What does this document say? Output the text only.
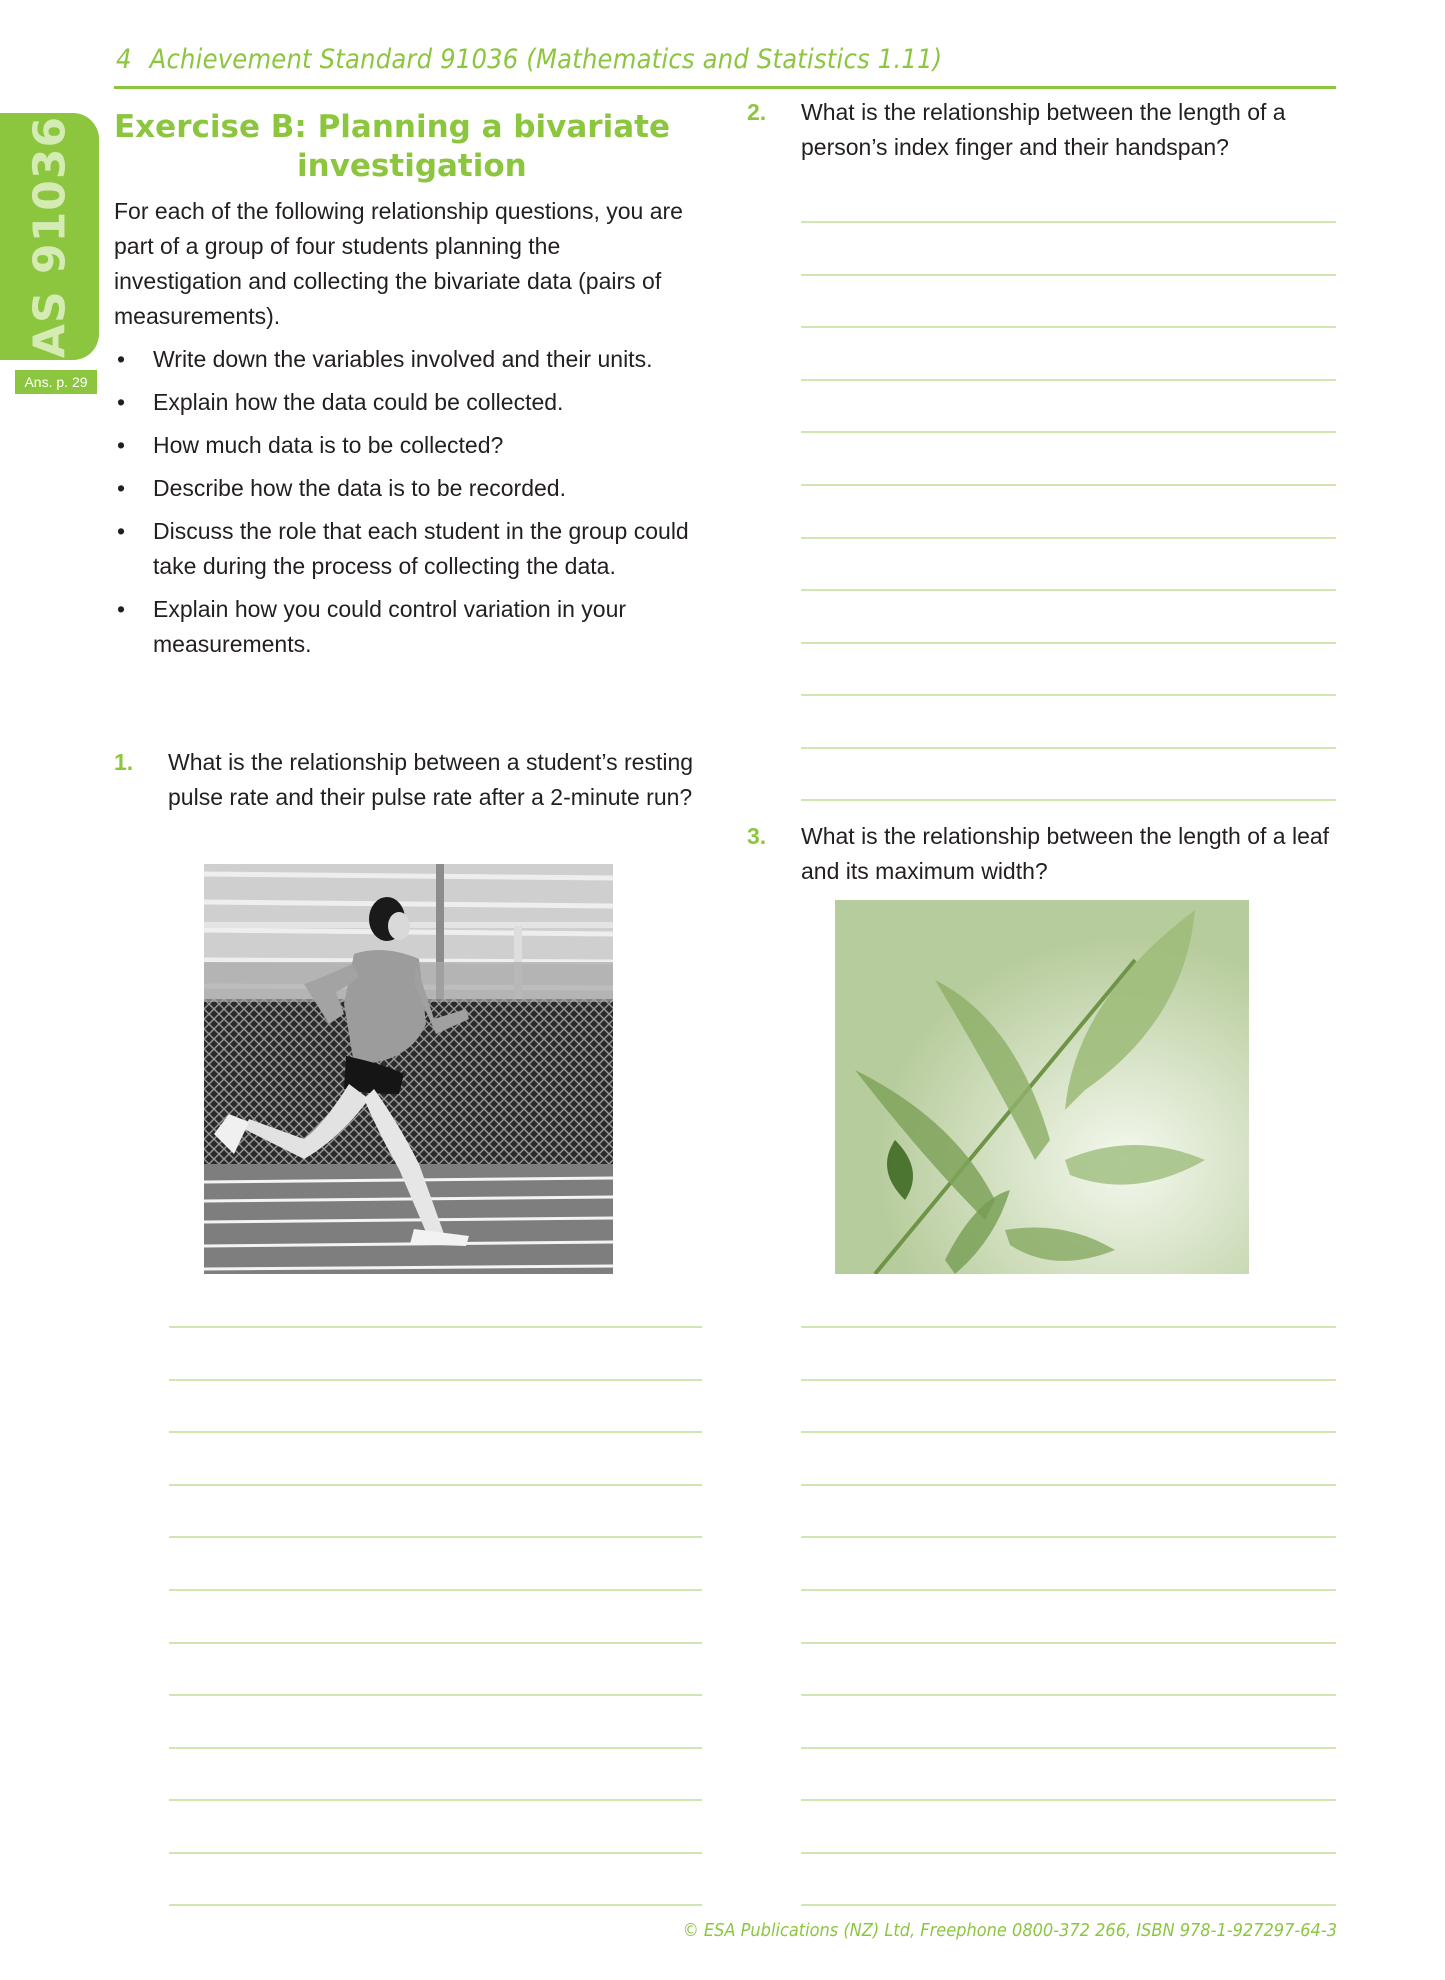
4 Achievement Standard 91036 (Mathematics and Statistics 1.11)
AS 91036
Ans. p. 29
Exercise B: Planning a bivariate
investigation
For each of the following relationship questions, you are part of a group of four students planning the investigation and collecting the bivariate data (pairs of measurements).
• Write down the variables involved and their units.
• Explain how the data could be collected.
• How much data is to be collected?
• Describe how the data is to be recorded.
• Discuss the role that each student in the group could take during the process of collecting the data.
• Explain how you could control variation in your measurements.
1.	What is the relationship between a student’s resting pulse rate and their pulse rate after a 2-minute run?
2.	What is the relationship between the length of a person’s index finger and their handspan?
3.	What is the relationship between the length of a leaf and its maximum width?
© ESA Publications (NZ) Ltd, Freephone 0800-372 266, ISBN 978-1-927297-64-3
